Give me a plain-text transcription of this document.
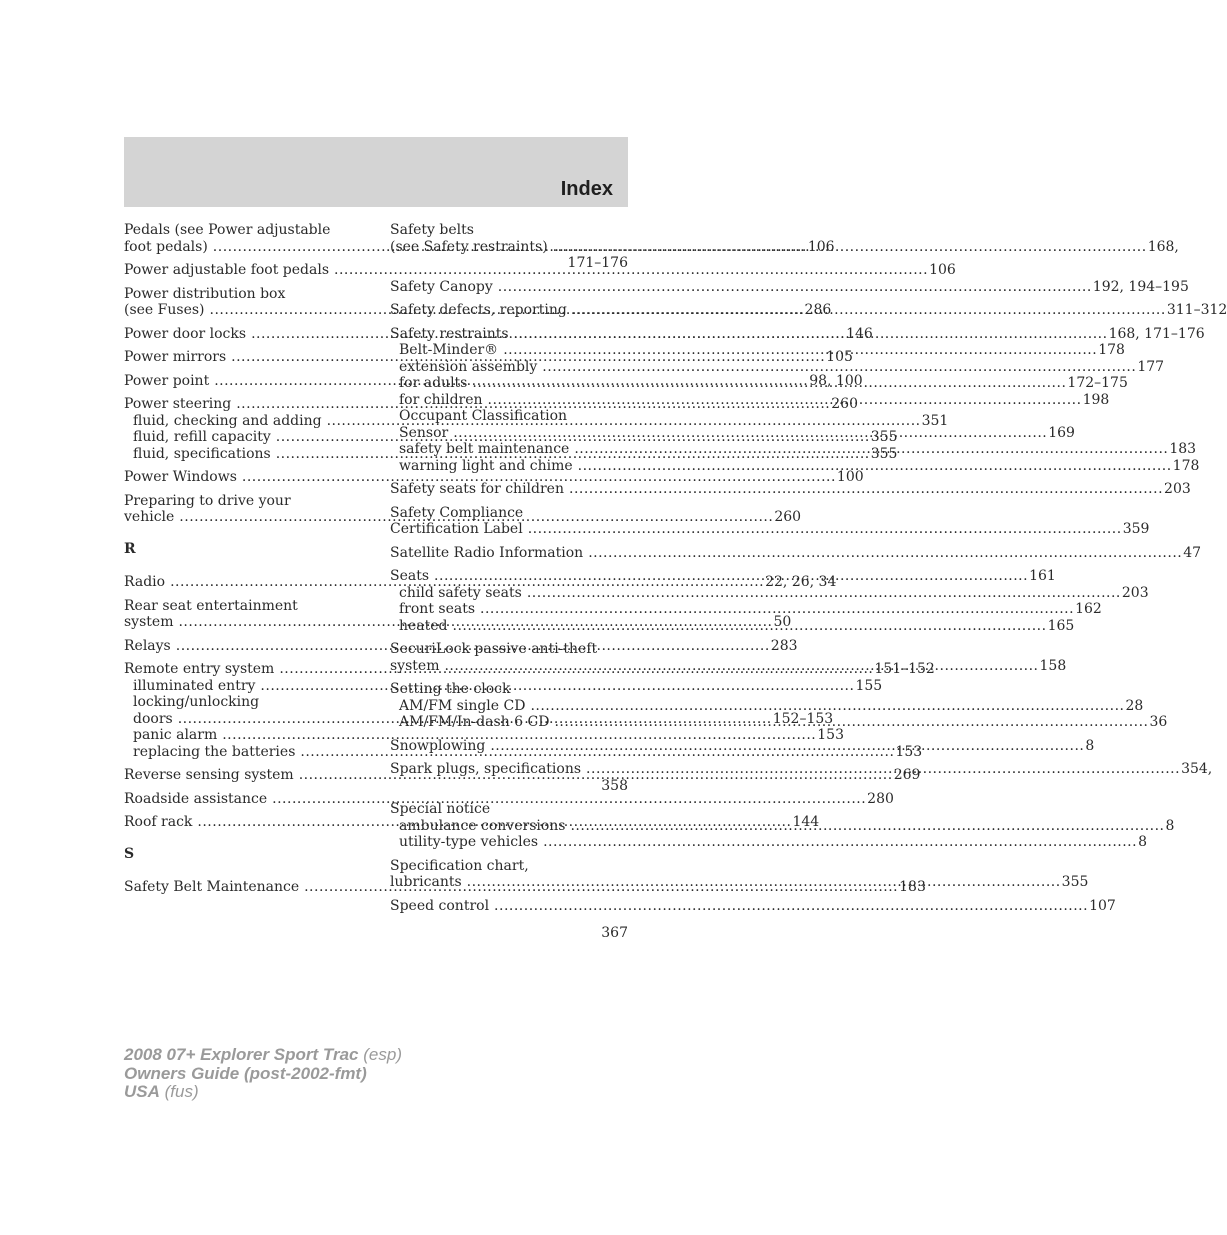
Index
Pedals (see Power adjustable
foot pedals) .....	106
Power adjustable foot pedals .....	106
Power distribution box
(see Fuses) .....	286
Power door locks .....	146
Power mirrors .....	105
Power point .....	98, 100
Power steering .....	260
fluid, checking and adding .....	351
fluid, refill capacity .....	355
fluid, specifications .....	355
Power Windows .....	100
Preparing to drive your
vehicle .....	260
R
Radio .....	22, 26, 34
Rear seat entertainment
system .....	50
Relays .....	283
Remote entry system .....	151–152
illuminated entry .....	155
locking/unlocking
doors .....	152–153
panic alarm .....	153
replacing the batteries .....	153
Reverse sensing system .....	269
Roadside assistance .....	280
Roof rack .....	144
S
Safety Belt Maintenance .....	183
Safety belts
(see Safety restraints) .....	168,
171–176
Safety Canopy .....	192, 194–195
Safety defects, reporting .....	311–312
Safety restraints .....	168, 171–176
Belt-Minder® .....	178
extension assembly .....	177
for adults .....	172–175
for children .....	198
Occupant Classification
Sensor .....	169
safety belt maintenance .....	183
warning light and chime .....	178
Safety seats for children .....	203
Safety Compliance
Certification Label .....	359
Satellite Radio Information .....	47
Seats .....	161
child safety seats .....	203
front seats .....	162
heated .....	165
SecuriLock passive anti-theft
system .....	158
Setting the clock
AM/FM single CD .....	28
AM/FM/In-dash 6 CD .....	36
Snowplowing .....	8
Spark plugs, specifications .....	354,
358
Special notice
ambulance conversions .....	8
utility-type vehicles .....	8
Specification chart,
lubricants .....	355
Speed control .....	107
367
2008 07+ Explorer Sport Trac (esp)
Owners Guide (post-2002-fmt)
USA (fus)
